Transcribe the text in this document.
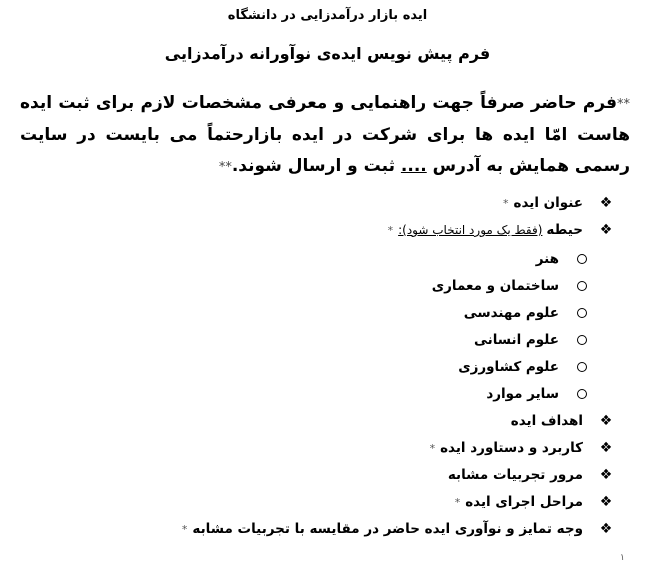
ایده بازار درآمدزایی در دانشگاه
فرم پیش نویس ایده‌ی نوآورانه درآمدزایی
**فرم حاضر صرفاً جهت راهنمایی و معرفی مشخصات لازم برای ثبت ایده هاست امّا ایده ها برای شرکت در ایده بازارحتماً می بایست در سایت رسمی همایش به آدرس .... ثبت و ارسال شوند.**
❖
عنوان ایده
*
❖
حیطه
(فقط یک مورد انتخاب شود):
*
هنر
ساختمان و معماری
علوم مهندسی
علوم انسانی
علوم کشاورزی
سایر موارد
❖
اهداف ایده
❖
کاربرد و دستاورد ایده
*
❖
مرور تجربیات مشابه
❖
مراحل اجرای ایده
*
❖
وجه تمایز و نوآوری ایده حاضر در مقایسه با تجربیات مشابه
*
۱
